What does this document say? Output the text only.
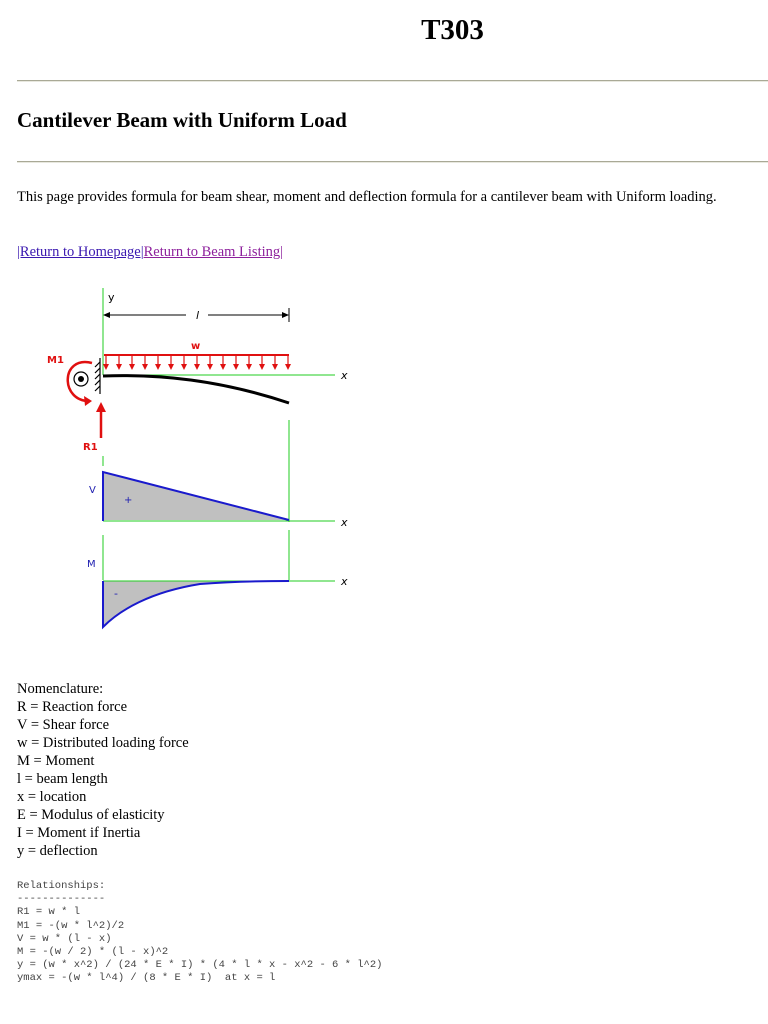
T303
Cantilever Beam with Uniform Load

This page provides formula for beam shear, moment and deflection formula for a cantilever beam with Uniform loading.

|Return to Homepage|Return to Beam Listing|
y
l
w
x
M1
R1
V
+
x
M
-
x
Nomenclature:
R = Reaction force
V = Shear force
w = Distributed loading force
M = Moment
l = beam length
x = location
E = Modulus of elasticity
I = Moment if Inertia
y = deflection
Relationships:
--------------
R1 = w * l
M1 = -(w * l^2)/2
V = w * (l - x)
M = -(w / 2) * (l - x)^2
y = (w * x^2) / (24 * E * I) * (4 * l * x - x^2 - 6 * l^2)
ymax = -(w * l^4) / (8 * E * I)  at x = l
